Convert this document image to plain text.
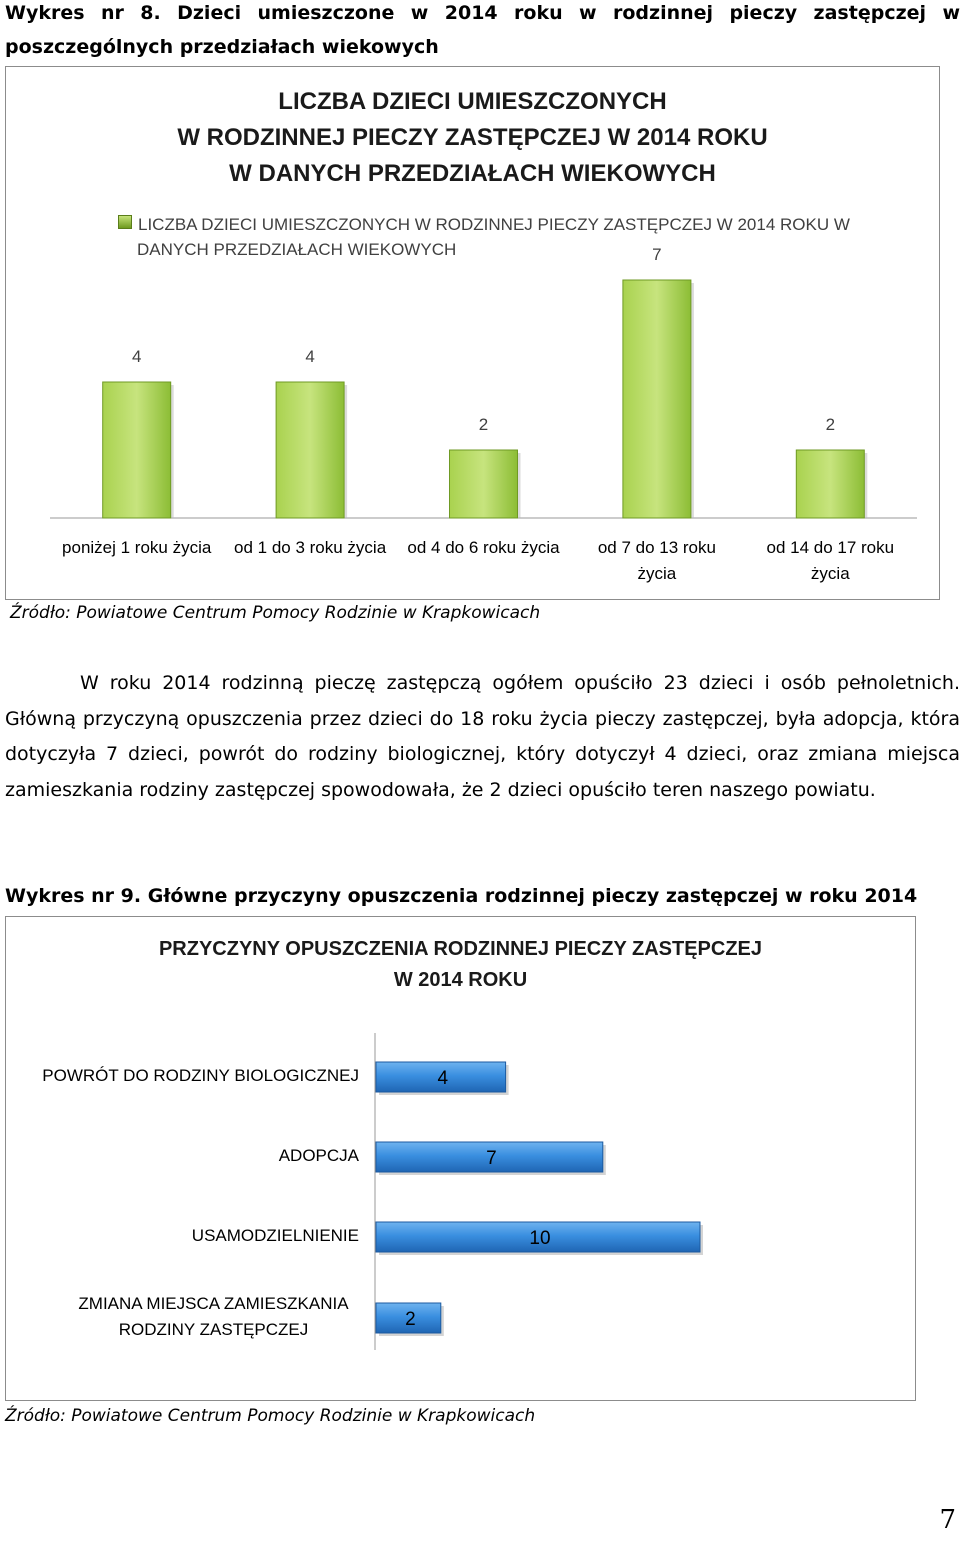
Wykres nr 8. Dzieci umieszczone w 2014 roku w rodzinnej pieczy zastępczej w poszczególnych przedziałach wiekowych
LICZBA DZIECI UMIESZCZONYCH
W RODZINNEJ PIECZY ZASTĘPCZEJ W 2014 ROKU
W DANYCH PRZEDZIAŁACH WIEKOWYCH
LICZBA DZIECI UMIESZCZONYCH W RODZINNEJ PIECZY ZASTĘPCZEJ W 2014 ROKU W DANYCH PRZEDZIAŁACH WIEKOWYCH
4
poniżej 1 roku życia
4
od 1 do 3 roku życia
2
od 4 do 6 roku życia
7
od 7 do 13 roku
życia
2
od 14 do 17 roku
życia
Źródło: Powiatowe Centrum Pomocy Rodzinie w Krapkowicach
W roku 2014 rodzinną pieczę zastępczą ogółem opuściło 23 dzieci i osób pełnoletnich. Główną przyczyną opuszczenia przez dzieci do 18 roku życia pieczy zastępczej, była adopcja, która dotyczyła 7 dzieci, powrót do rodziny biologicznej, który dotyczył 4 dzieci, oraz zmiana miejsca zamieszkania rodziny zastępczej spowodowała, że 2 dzieci opuściło teren naszego powiatu.
Wykres nr 9. Główne przyczyny opuszczenia rodzinnej pieczy zastępczej w roku 2014
PRZYCZYNY OPUSZCZENIA RODZINNEJ PIECZY ZASTĘPCZEJ
W 2014 ROKU
4
7
10
2
POWRÓT DO RODZINY BIOLOGICZNEJ
ADOPCJA
USAMODZIELNIENIE
ZMIANA MIEJSCA ZAMIESZKANIA RODZINY ZASTĘPCZEJ
Źródło: Powiatowe Centrum Pomocy Rodzinie w Krapkowicach
7
